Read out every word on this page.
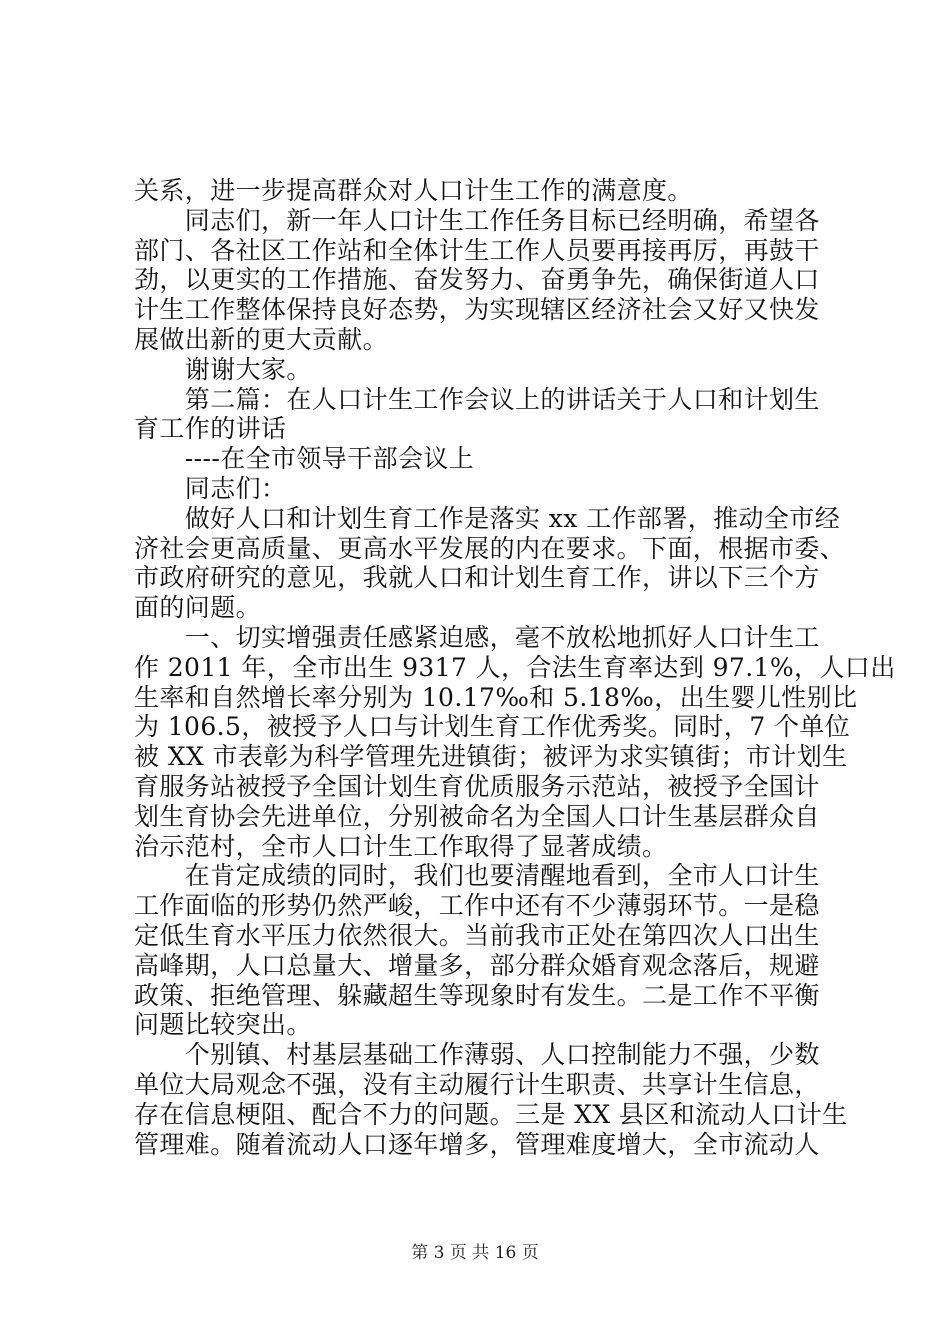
关系，进一步提高群众对人口计生工作的满意度。
　　同志们，新一年人口计生工作任务目标已经明确，希望各
部门、各社区工作站和全体计生工作人员要再接再厉，再鼓干
劲，以更实的工作措施、奋发努力、奋勇争先，确保街道人口
计生工作整体保持良好态势，为实现辖区经济社会又好又快发
展做出新的更大贡献。
　　谢谢大家。
　　第二篇：在人口计生工作会议上的讲话关于人口和计划生
育工作的讲话
　　----在全市领导干部会议上
　　同志们：
　　做好人口和计划生育工作是落实 xx 工作部署，推动全市经
济社会更高质量、更高水平发展的内在要求。下面，根据市委、
市政府研究的意见，我就人口和计划生育工作，讲以下三个方
面的问题。
　　一、切实增强责任感紧迫感，毫不放松地抓好人口计生工
作 2011 年，全市出生 9317 人，合法生育率达到 97.1%，人口出
生率和自然增长率分别为 10.17‰和 5.18‰，出生婴儿性别比
为 106.5，被授予人口与计划生育工作优秀奖。同时，7 个单位
被 XX 市表彰为科学管理先进镇街；被评为求实镇街；市计划生
育服务站被授予全国计划生育优质服务示范站，被授予全国计
划生育协会先进单位，分别被命名为全国人口计生基层群众自
治示范村，全市人口计生工作取得了显著成绩。
　　在肯定成绩的同时，我们也要清醒地看到，全市人口计生
工作面临的形势仍然严峻，工作中还有不少薄弱环节。一是稳
定低生育水平压力依然很大。当前我市正处在第四次人口出生
高峰期，人口总量大、增量多，部分群众婚育观念落后，规避
政策、拒绝管理、躲藏超生等现象时有发生。二是工作不平衡
问题比较突出。
　　个别镇、村基层基础工作薄弱、人口控制能力不强，少数
单位大局观念不强，没有主动履行计生职责、共享计生信息，
存在信息梗阻、配合不力的问题。三是 XX 县区和流动人口计生
管理难。随着流动人口逐年增多，管理难度增大，全市流动人
第 3 页 共 16 页
